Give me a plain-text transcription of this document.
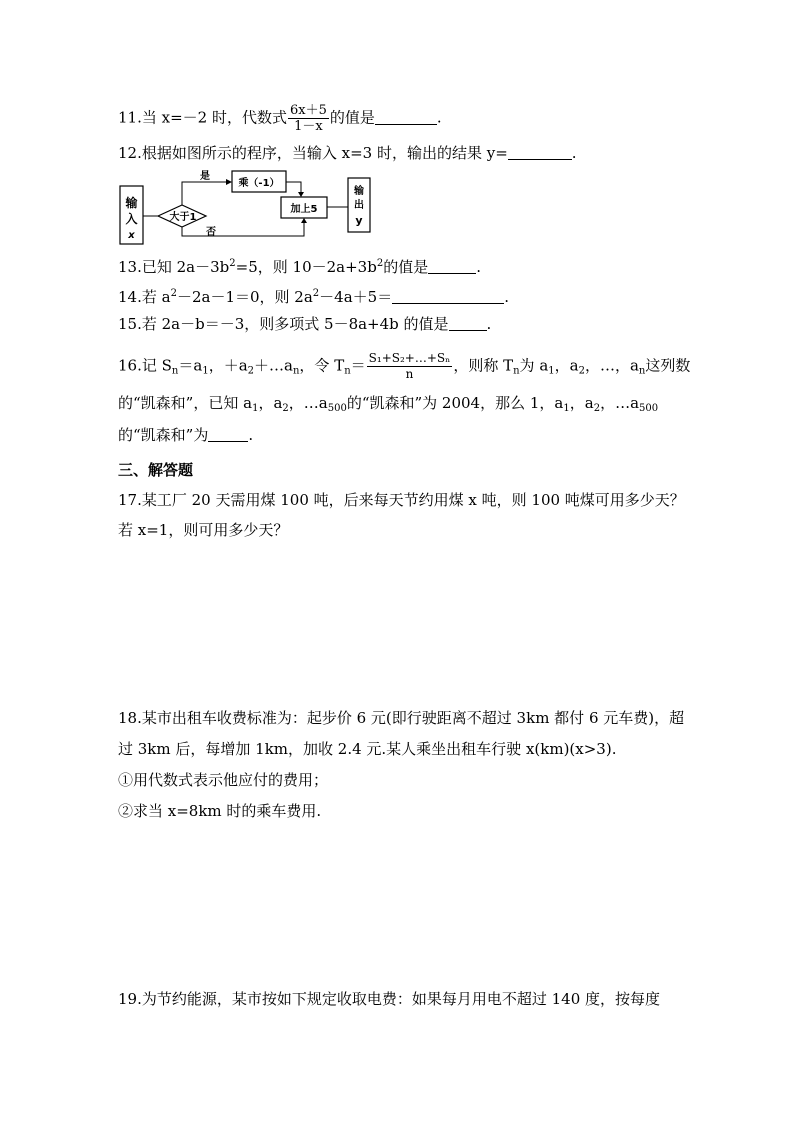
11.当 x=－2 时，代数式 $\frac{6x+5}{1-x}$ 的值是	.
12.根据如图所示的程序，当输入 x=3 时，输出的结果 y=	.
输
入
x
大于1
是
乘（-1）
加上5
否
输
出
y
13.已知 $2a-3b^2=5$，则 $10-2a+3b^2$的值是	.
14.若 $a^2-2a-1=0$，则 $2a^2-4a+5=$	.
15.若 2a－b＝－3，则多项式 5－8a+4b 的值是	.
16.记 $S_n=a_1$，$+a_2+\dots a_n$，令 $T_n= \frac{\text{S₁+S₂+…+Sₙ}}{n}$ ，则称 $T_n$为 $a_1$，$a_2$，…，$a_n$这列数
的“凯森和”，已知 $a_1$，$a_2$，$\dots a_{500}$的“凯森和”为 2004，那么 1，$a_1$，$a_2$，$\dots a_{500}$
的“凯森和”为	.
三、解答题
17.某工厂 20 天需用煤 100 吨，后来每天节约用煤 x 吨，则 100 吨煤可用多少天？
若 x=1，则可用多少天？
18.某市出租车收费标准为：起步价 6 元(即行驶距离不超过 3km 都付 6 元车费)，超
过 3km 后，每增加 1km，加收 2.4 元.某人乘坐出租车行驶 x(km)(x>3).
①用代数式表示他应付的费用；
②求当 x=8km 时的乘车费用.
19.为节约能源，某市按如下规定收取电费：如果每月用电不超过 140 度，按每度
